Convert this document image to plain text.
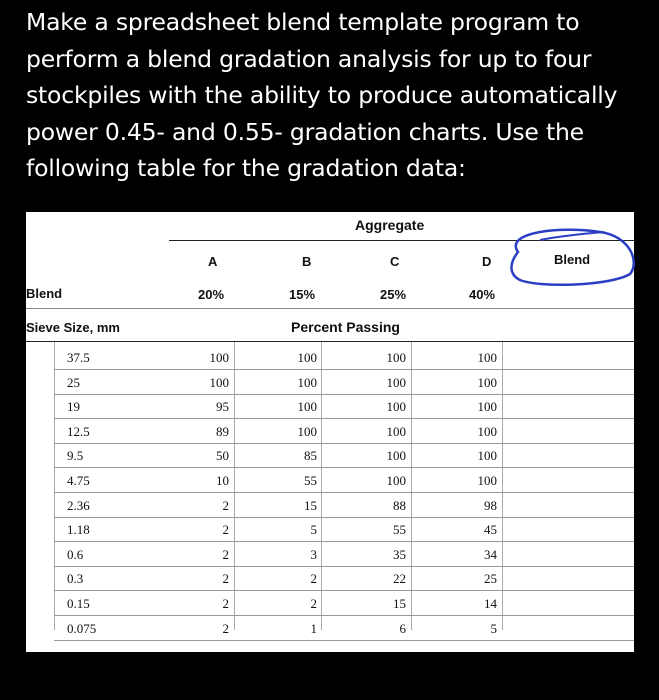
Make a spreadsheet blend template program to perform a blend gradation analysis for up to four stockpiles with the ability to produce automatically power 0.45- and 0.55- gradation charts. Use the following table for the gradation data:

Aggregate
A	B	C	D	Blend
Blend	20%	15%	25%	40%
Sieve Size, mm	Percent Passing
37.5	100	100	100	100
25	100	100	100	100
19	95	100	100	100
12.5	89	100	100	100
9.5	50	85	100	100
4.75	10	55	100	100
2.36	2	15	88	98
1.18	2	5	55	45
0.6	2	3	35	34
0.3	2	2	22	25
0.15	2	2	15	14
0.075	2	1	6	5
